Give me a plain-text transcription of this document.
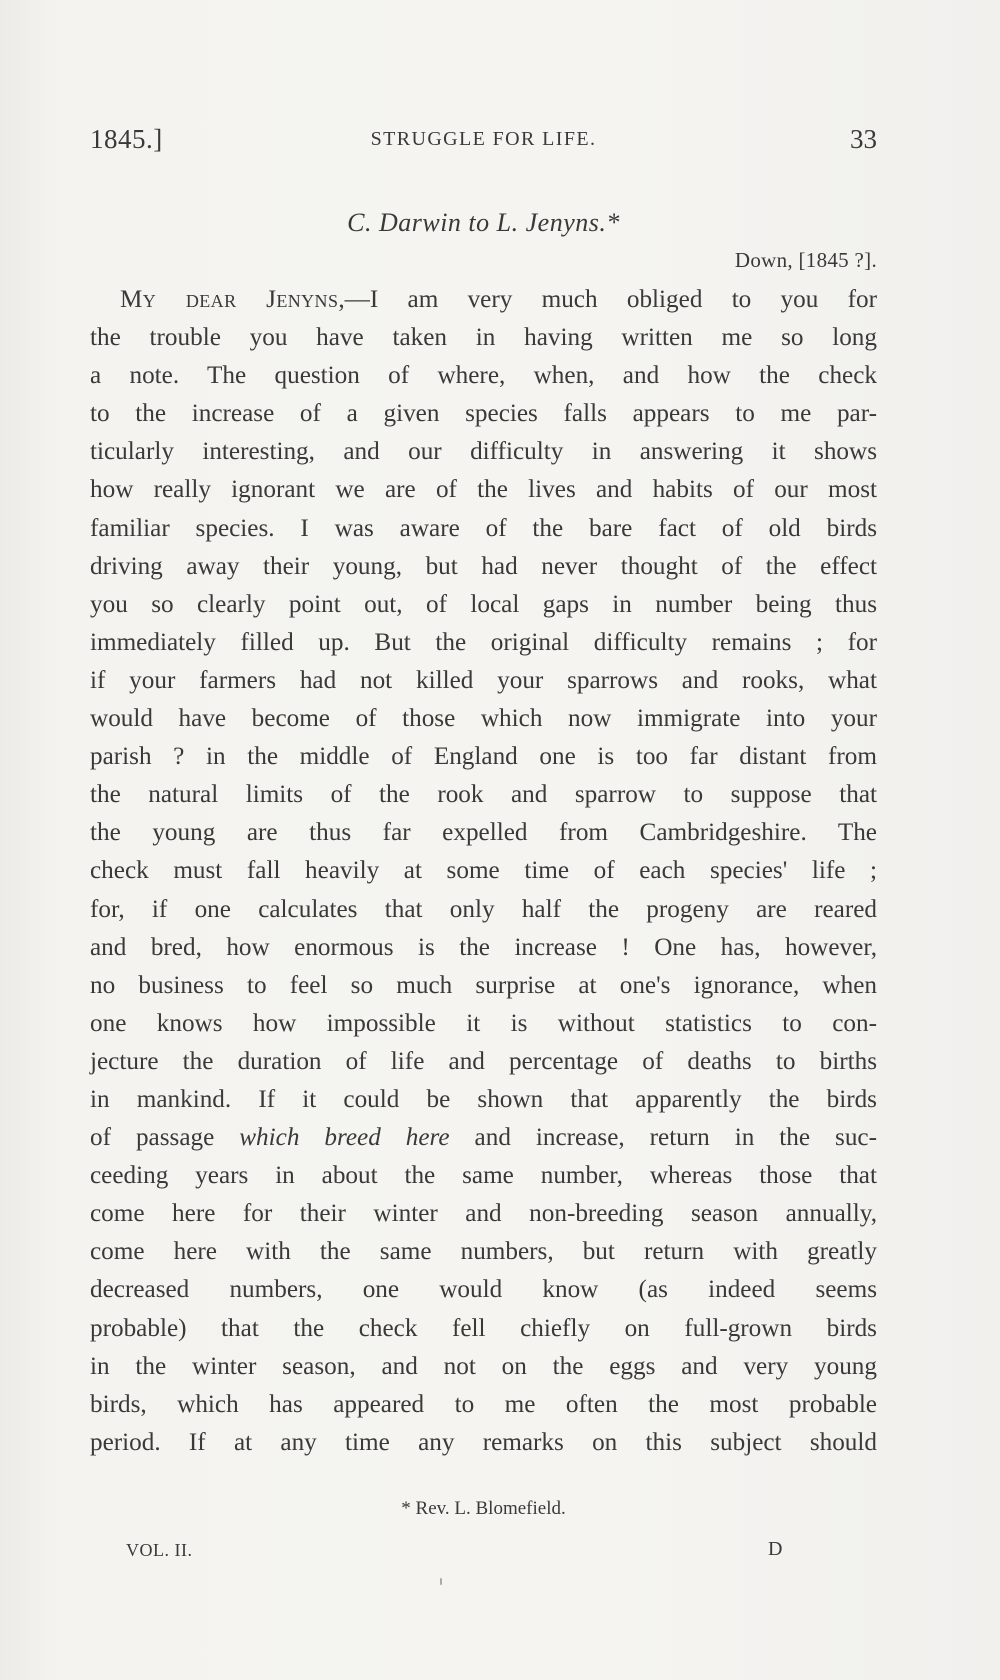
1845.]	STRUGGLE FOR LIFE.	33
C. Darwin to L. Jenyns.*
Down, [1845 ?].
My dear Jenyns,—I am very much obliged to you for
the trouble you have taken in having written me so long
a note. The question of where, when, and how the check
to the increase of a given species falls appears to me par-
ticularly interesting, and our difficulty in answering it shows
how really ignorant we are of the lives and habits of our most
familiar species. I was aware of the bare fact of old birds
driving away their young, but had never thought of the effect
you so clearly point out, of local gaps in number being thus
immediately filled up. But the original difficulty remains ; for
if your farmers had not killed your sparrows and rooks, what
would have become of those which now immigrate into your
parish ? in the middle of England one is too far distant from
the natural limits of the rook and sparrow to suppose that
the young are thus far expelled from Cambridgeshire. The
check must fall heavily at some time of each species' life ;
for, if one calculates that only half the progeny are reared
and bred, how enormous is the increase ! One has, however,
no business to feel so much surprise at one's ignorance, when
one knows how impossible it is without statistics to con-
jecture the duration of life and percentage of deaths to births
in mankind. If it could be shown that apparently the birds
of passage which breed here and increase, return in the suc-
ceeding years in about the same number, whereas those that
come here for their winter and non-breeding season annually,
come here with the same numbers, but return with greatly
decreased numbers, one would know (as indeed seems
probable) that the check fell chiefly on full-grown birds
in the winter season, and not on the eggs and very young
birds, which has appeared to me often the most probable
period. If at any time any remarks on this subject should
* Rev. L. Blomefield.
VOL. II.	D
